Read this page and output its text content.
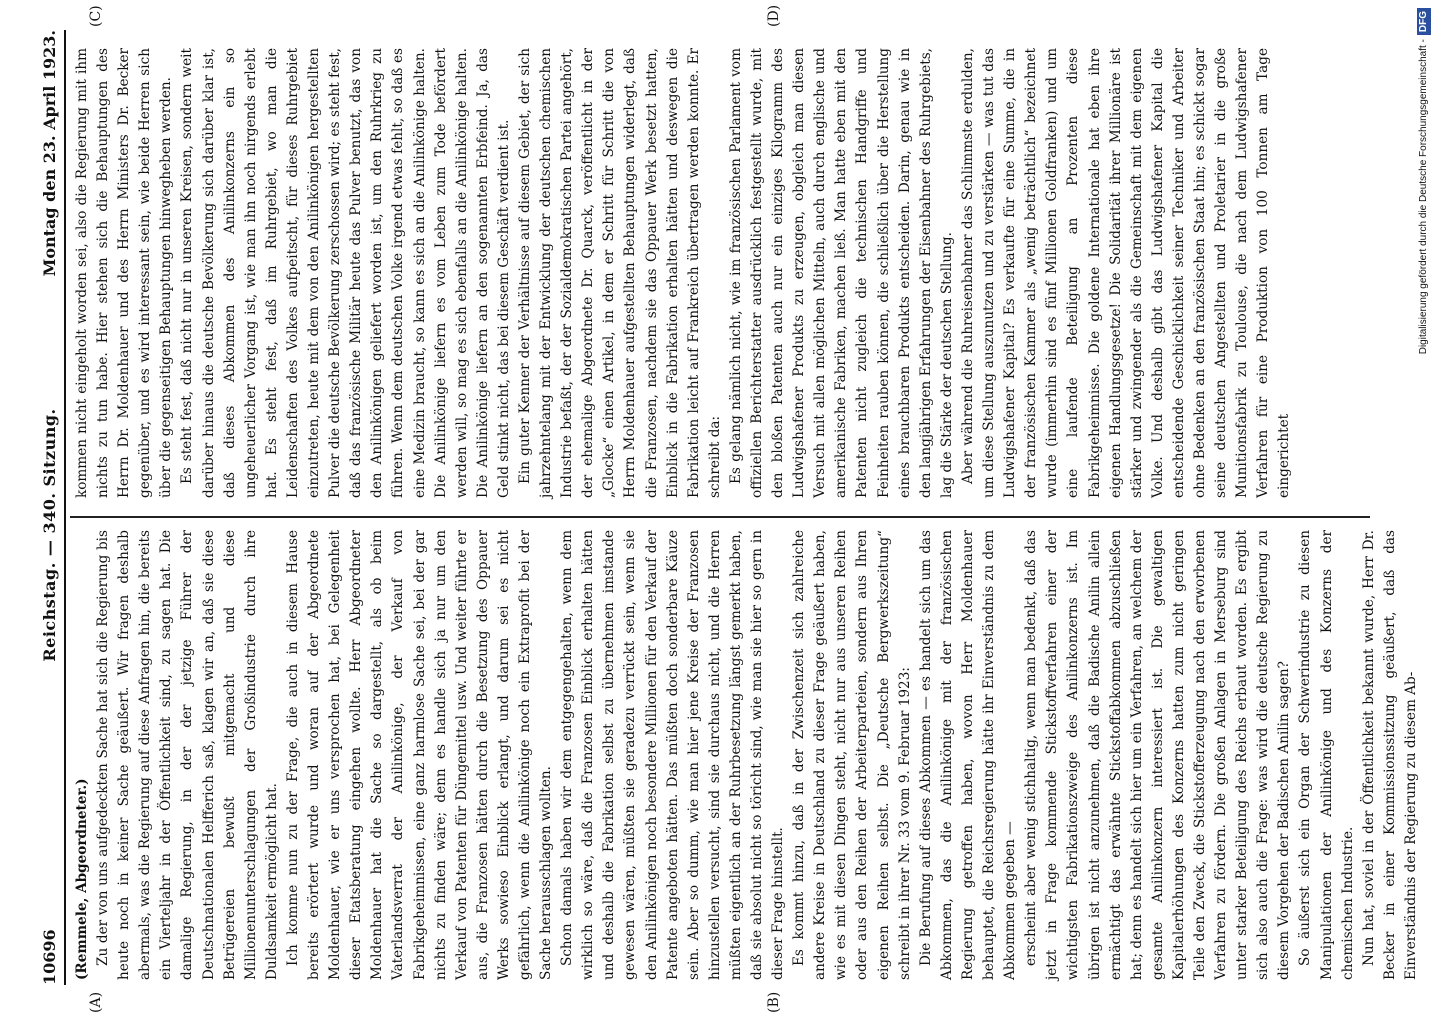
10696
Reichstag. — 340. Sitzung.
Montag den 23. April 1923.
(A)	(B)
(C)	(D)

(Remmele, Abgeordneter.) Zu der von uns aufgedeckten Sache hat sich die Regierung bis heute noch in keiner Sache geäußert. Wir fragen deshalb abermals, was die Regierung auf diese Anfragen hin, die bereits ein Vierteljahr in der Öffentlichkeit sind, zu sagen hat. Die damalige Regierung, in der der jetzige Führer der Deutschnationalen Helfferich saß, klagen wir an, daß sie diese Betrügereien bewußt mitgemacht und diese Millionenunterschlagungen der Großindustrie durch ihre Duldsamkeit ermöglicht hat. Ich komme nun zu der Frage, die auch in diesem Hause bereits erörtert wurde und woran auf der Abgeordnete Moldenhauer, wie er uns versprochen hat, bei Gelegenheit dieser Etatsberatung eingehen wollte. Herr Abgeordneter Moldenhauer hat die Sache so dargestellt, als ob beim Vaterlandsverrat der Anilinkönige, der Verkauf von Fabrikgeheimnissen, eine ganz harmlose Sache sei, bei der gar nichts zu finden wäre; denn es handle sich ja nur um den Verkauf von Patenten für Düngemittel usw. Und weiter führte er aus, die Franzosen hätten durch die Besetzung des Oppauer Werks sowieso Einblick erlangt, und darum sei es nicht gefährlich, wenn die Anilinkönige noch ein Extraprofit bei der Sache herausschlagen wollten. Schon damals haben wir dem entgegengehalten, wenn dem wirklich so wäre, daß die Franzosen Einblick erhalten hätten und deshalb die Fabrikation selbst zu übernehmen imstande gewesen wären, müßten sie geradezu verrückt sein, wenn sie den Anilinkönigen noch besondere Millionen für den Verkauf der Patente angeboten hätten. Das müßten doch sonderbare Käuze sein. Aber so dumm, wie man hier jene Kreise der Franzosen hinzustellen versucht, sind sie durchaus nicht, und die Herren müßten eigentlich an der Ruhrbesetzung längst gemerkt haben, daß sie absolut nicht so töricht sind, wie man sie hier so gern in dieser Frage hinstellt. Es kommt hinzu, daß in der Zwischenzeit sich zahlreiche andere Kreise in Deutschland zu dieser Frage geäußert haben, wie es mit diesen Dingen steht, nicht nur aus unseren Reihen oder aus den Reihen der Arbeiterparteien, sondern aus Ihren eigenen Reihen selbst. Die „Deutsche Bergwerkszeitung“ schreibt in ihrer Nr. 33 vom 9. Februar 1923: Die Berufung auf dieses Abkommen — es handelt sich um das Abkommen, das die Anilinkönige mit der französischen Regierung getroffen haben, wovon Herr Moldenhauer behauptet, die Reichsregierung hätte ihr Einverständnis zu dem Abkommen gegeben — erscheint aber wenig stichhaltig, wenn man bedenkt, daß das jetzt in Frage kommende Stickstoffverfahren einer der wichtigsten Fabrikationszweige des Anilinkonzerns ist. Im übrigen ist nicht anzunehmen, daß die Badische Anilin allein ermächtigt das erwähnte Stickstoffabkommen abzuschließen hat; denn es handelt sich hier um ein Verfahren, an welchem der gesamte Anilinkonzern interessiert ist. Die gewaltigen Kapitalerhöhungen des Konzerns hatten zum nicht geringen Teile den Zweck, die Stickstofferzeugung nach den erworbenen Verfahren zu fördern. Die großen Anlagen in Merseburg sind unter starker Beteiligung des Reichs erbaut worden. Es ergibt sich also auch die Frage: was wird die deutsche Regierung zu diesem Vorgehen der Badischen Anilin sagen? So äußerst sich ein Organ der Schwerindustrie zu diesen Manipulationen der Anilinkönige und des Konzerns der chemischen Industrie. Nun hat, soviel in der Öffentlichkeit bekannt wurde, Herr Dr. Becker in einer Kommissionssitzung geäußert, daß das Einverständnis der Regierung zu diesem Ab-

kommen nicht eingeholt worden sei, also die Regierung mit ihm nichts zu tun habe. Hier stehen sich die Behauptungen des Herrn Dr. Moldenhauer und des Herrn Ministers Dr. Becker gegenüber, und es wird interessant sein, wie beide Herren sich über die gegenseitigen Behauptungen hinwegheben werden. Es steht fest, daß nicht nur in unseren Kreisen, sondern weit darüber hinaus die deutsche Bevölkerung sich darüber klar ist, daß dieses Abkommen des Anilinkonzerns ein so ungeheuerlicher Vorgang ist, wie man ihn noch nirgends erlebt hat. Es steht fest, daß im Ruhrgebiet, wo man die Leidenschaften des Volkes aufpeitscht, für dieses Ruhrgebiet einzutreten, heute mit dem von den Anilinkönigen hergestellten Pulver die deutsche Bevölkerung zerschossen wird; es steht fest, daß das französische Militär heute das Pulver benutzt, das von den Anilinkönigen geliefert worden ist, um den Ruhrkrieg zu führen. Wenn dem deutschen Volke irgend etwas fehlt, so daß es eine Medizin braucht, so kann es sich an die Anilinkönige halten. Die Anilinkönige liefern es vom Leben zum Tode befördert werden will, so mag es sich ebenfalls an die Anilinkönige halten. Die Anilinkönige liefern an den sogenannten Erbfeind. Ja, das Geld stinkt nicht, das bei diesem Geschäft verdient ist. Ein guter Kenner der Verhältnisse auf diesem Gebiet, der sich jahrzehntelang mit der Entwicklung der deutschen chemischen Industrie befaßt, der der Sozialdemokratischen Partei angehört, der ehemalige Abgeordnete Dr. Quarck, veröffentlicht in der „Glocke“ einen Artikel, in dem er Schritt für Schritt die von Herrn Moldenhauer aufgestellten Behauptungen widerlegt, daß die Franzosen, nachdem sie das Oppauer Werk besetzt hatten, Einblick in die Fabrikation erhalten hätten und deswegen die Fabrikation leicht auf Frankreich übertragen werden konnte. Er schreibt da: Es gelang nämlich nicht, wie im französischen Parlament vom offiziellen Berichterstatter ausdrücklich festgestellt wurde, mit den bloßen Patenten auch nur ein einziges Kilogramm des Ludwigshafener Produkts zu erzeugen, obgleich man diesen Versuch mit allen möglichen Mitteln, auch durch englische und amerikanische Fabriken, machen ließ. Man hatte eben mit den Patenten nicht zugleich die technischen Handgriffe und Feinheiten rauben können, die schließlich über die Herstellung eines brauchbaren Produkts entscheiden. Darin, genau wie in den langjährigen Erfahrungen der Eisenbahner des Ruhrgebiets, lag die Stärke der deutschen Stellung. Aber während die Ruhreisenbahner das Schlimmste erdulden, um diese Stellung auszunutzen und zu verstärken — was tut das Ludwigshafener Kapital? Es verkaufte für eine Summe, die in der französischen Kammer als „wenig beträchtlich“ bezeichnet wurde (immerhin sind es fünf Millionen Goldfranken) und um eine laufende Beteiligung an Prozenten diese Fabrikgeheimnisse. Die goldene Internationale hat eben ihre eigenen Handlungsgesetze! Die Solidarität ihrer Millionäre ist stärker und zwingender als die Gemeinschaft mit dem eigenen Volke. Und deshalb gibt das Ludwigshafener Kapital die entscheidende Geschicklichkeit seiner Techniker und Arbeiter ohne Bedenken an den französischen Staat hin; es schickt sogar seine deutschen Angestellten und Proletarier in die große Munitionsfabrik zu Toulouse, die nach dem Ludwigshafener Verfahren für eine Produktion von 100 Tonnen am Tage eingerichtet

Digitalisierung gefördert durch die Deutsche Forschungsgemeinschaft -DFG
